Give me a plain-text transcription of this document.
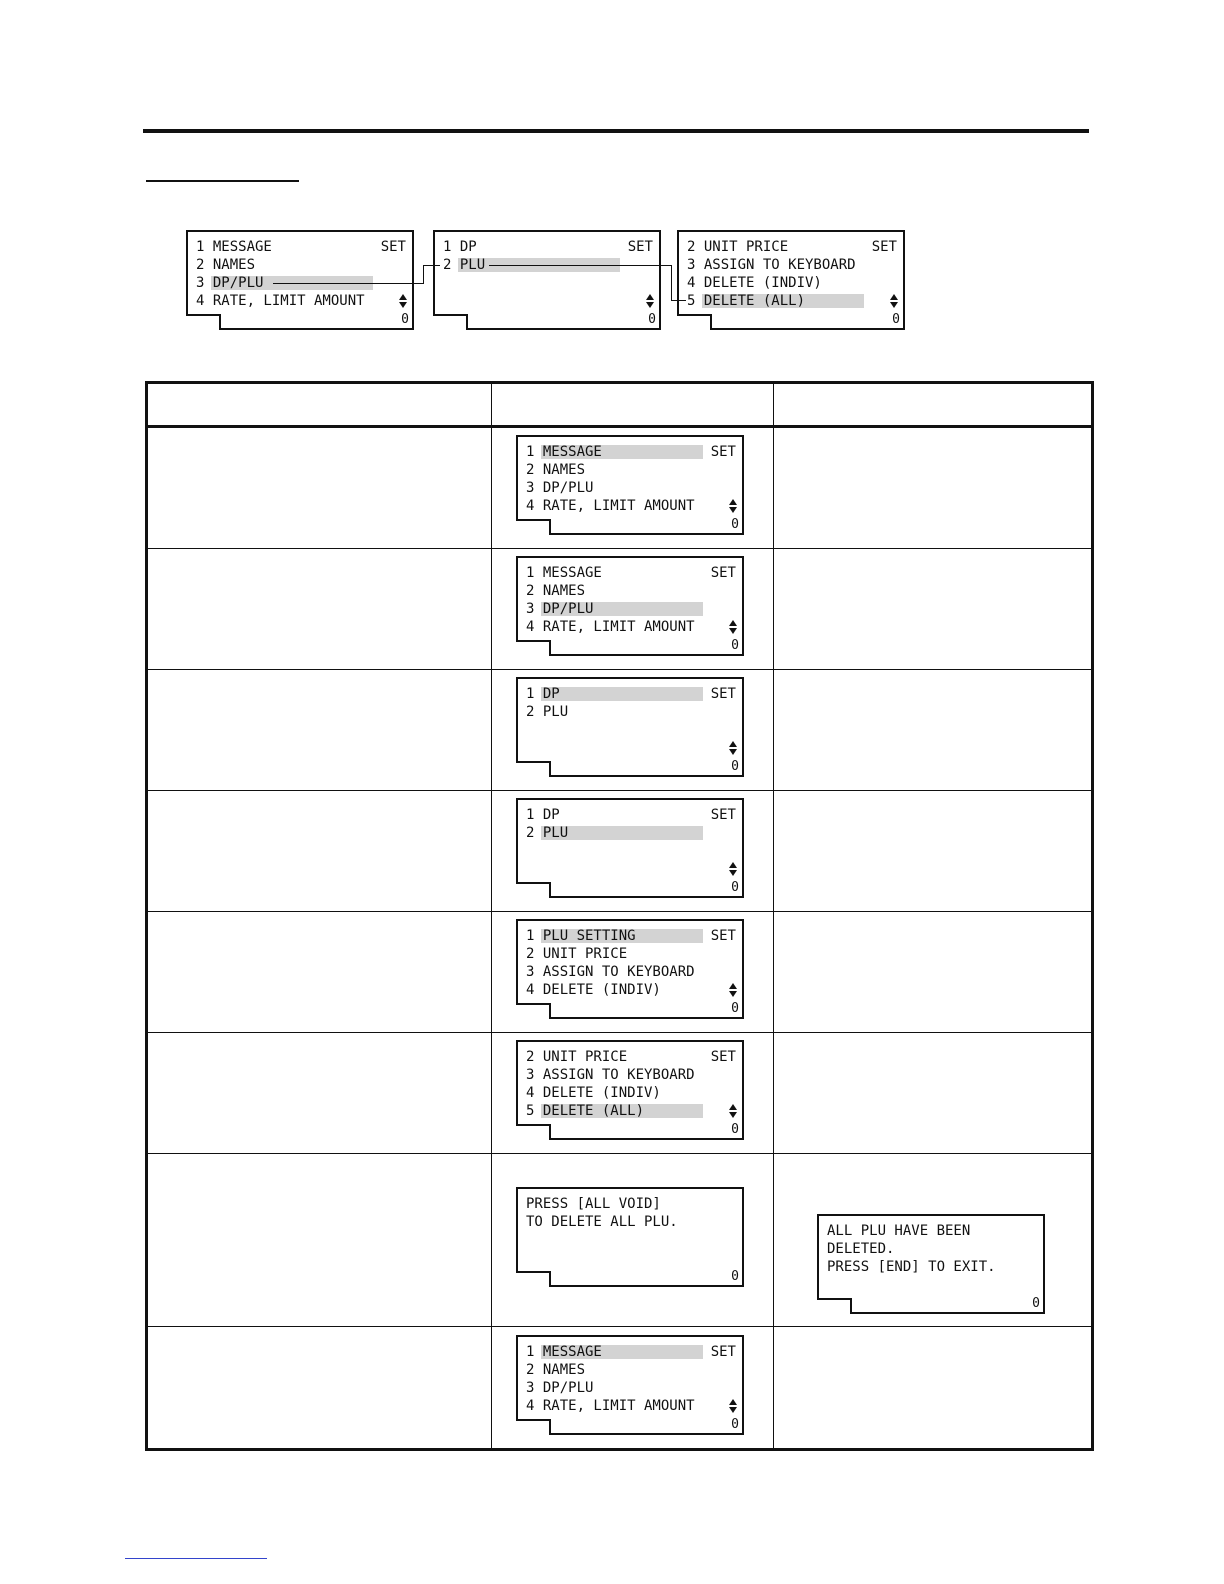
1 MESSAGE	SET
2 NAMES
3 DP/PLU
4 RATE, LIMIT AMOUNT
0
1 DP	SET
2 PLU
0
2 UNIT PRICE	SET
3 ASSIGN TO KEYBOARD
4 DELETE (INDIV)
5 DELETE (ALL)
0
1 MESSAGE	SET
2 NAMES
3 DP/PLU
4 RATE, LIMIT AMOUNT
0
1 MESSAGE	SET
2 NAMES
3 DP/PLU
4 RATE, LIMIT AMOUNT
0
1 DP	SET
2 PLU
0
1 DP	SET
2 PLU
0
1 PLU SETTING	SET
2 UNIT PRICE
3 ASSIGN TO KEYBOARD
4 DELETE (INDIV)
0
2 UNIT PRICE	SET
3 ASSIGN TO KEYBOARD
4 DELETE (INDIV)
5 DELETE (ALL)
0
PRESS [ALL VOID]
TO DELETE ALL PLU.
0
ALL PLU HAVE BEEN
DELETED.
PRESS [END] TO EXIT.
0
1 MESSAGE	SET
2 NAMES
3 DP/PLU
4 RATE, LIMIT AMOUNT
0
